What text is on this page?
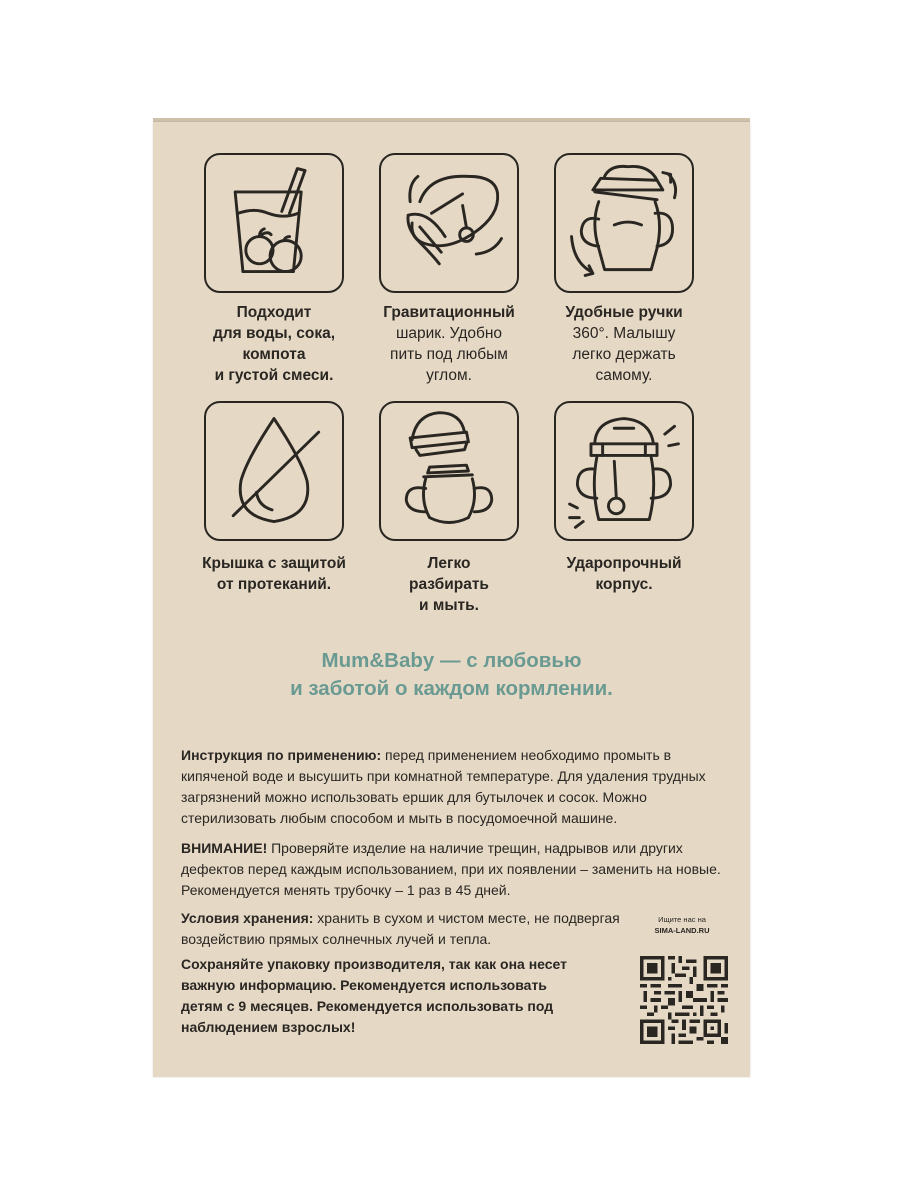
Подходит
для воды, сока,
компота
и густой смеси.
Гравитационный
шарик. Удобно
пить под любым
углом.
Удобные ручки
360°. Малышу
легко держать
самому.
Крышка с защитой
от протеканий.
Легко
разбирать
и мыть.
Ударопрочный
корпус.
Mum&Baby — с любовью
и заботой о каждом кормлении.
Инструкция по применению: перед применением необходимо промыть в кипяченой воде и высушить при комнатной температуре. Для удаления трудных загрязнений можно использовать ершик для бутылочек и сосок. Можно стерилизовать любым способом и мыть в посудомоечной машине.
ВНИМАНИЕ! Проверяйте изделие на наличие трещин, надрывов или других дефектов перед каждым использованием, при их появлении – заменить на новые. Рекомендуется менять трубочку – 1 раз в 45 дней.
Условия хранения: хранить в сухом и чистом месте, не подвергая воздействию прямых солнечных лучей и тепла.
Сохраняйте упаковку производителя, так как она несет важную информацию. Рекомендуется использовать детям с 9 месяцев. Рекомендуется использовать под наблюдением взрослых!
Ищите нас на
SIMA-LAND.RU
